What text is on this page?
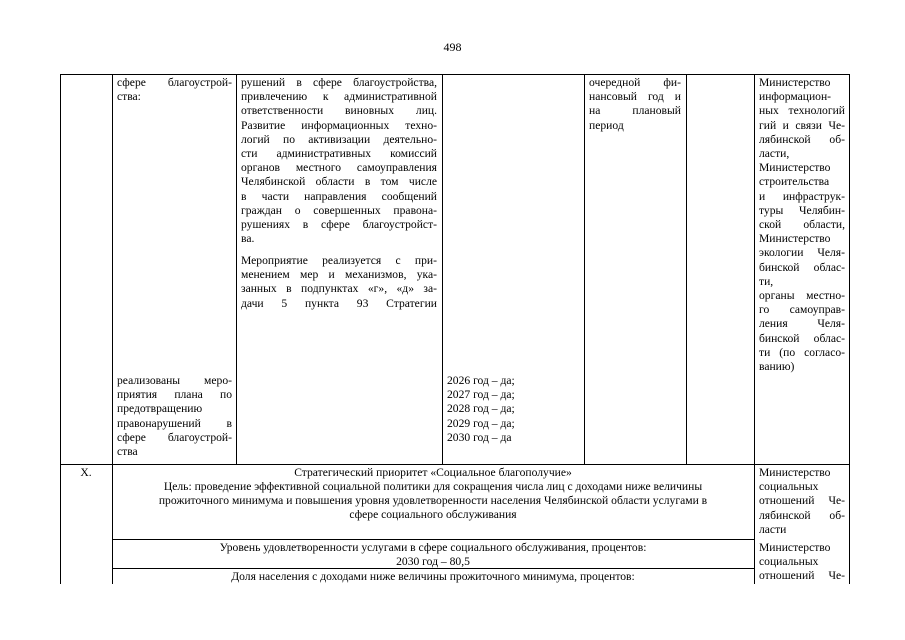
498
сфере благоустрой-
ства:
рушений в сфере благоустройства,
привлечению к административной
ответственности виновных лиц.
Развитие информационных техно-
логий по активизации деятельно-
сти административных комиссий
органов местного самоуправления
Челябинской области в том числе
в части направления сообщений
граждан о совершенных правона-
рушениях в сфере благоустройст-
ва.
Мероприятие реализуется с при-
менением мер и механизмов, ука-
занных в подпунктах «г», «д» за-
дачи 5 пункта 93 Стратегии
очередной фи-
нансовый год и
на плановый
период
Министерство
информацион-
ных технологий
гий и связи Че-
лябинской об-
ласти,
Министерство
строительства
и инфраструк-
туры Челябин-
ской области,
Министерство
экологии Челя-
бинской облас-
ти,
органы местно-
го самоуправ-
ления Челя-
бинской облас-
ти (по согласо-
ванию)
реализованы меро-
приятия плана по
предотвращению
правонарушений в
сфере благоустрой-
ства
2026 год – да;
2027 год – да;
2028 год – да;
2029 год – да;
2030 год – да
X.	Стратегический приоритет «Социальное благополучие»
Цель: проведение эффективной социальной политики для сокращения числа лиц с доходами ниже величины
прожиточного минимума и повышения уровня удовлетворенности населения Челябинской области услугами в
сфере социального обслуживания
Министерство
социальных
отношений Че-
лябинской об-
ласти
Уровень удовлетворенности услугами в сфере социального обслуживания, процентов:
2030 год – 80,5
Доля населения с доходами ниже величины прожиточного минимума, процентов:
Министерство
социальных
отношений Че-
